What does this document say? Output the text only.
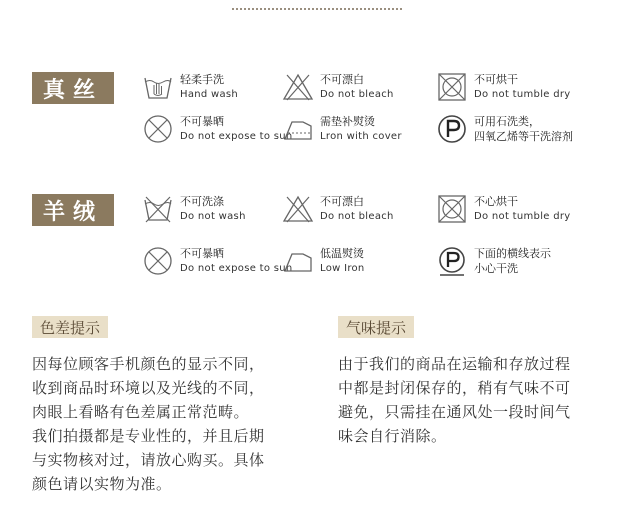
真丝	轻柔手洗
Hand wash
不可漂白
Do not bleach
不可烘干
Do not tumble dry
不可暴晒
Do not expose to sun
需垫补熨烫
Lron with cover
可用石洗类，
四氧乙烯等干洗溶剂
羊绒	不可洗涤
Do not wash
不可漂白
Do not bleach
不心烘干
Do not tumble dry
不可暴晒
Do not expose to sun
低温熨烫
Low Iron
下面的横线表示
小心干洗
色差提示
因每位顾客手机颜色的显示不同，
收到商品时环境以及光线的不同，
肉眼上看略有色差属正常范畴。
我们拍摄都是专业性的，并且后期
与实物核对过，请放心购买。具体
颜色请以实物为准。
气味提示
由于我们的商品在运输和存放过程
中都是封闭保存的，稍有气味不可
避免，只需挂在通风处一段时间气
味会自行消除。
